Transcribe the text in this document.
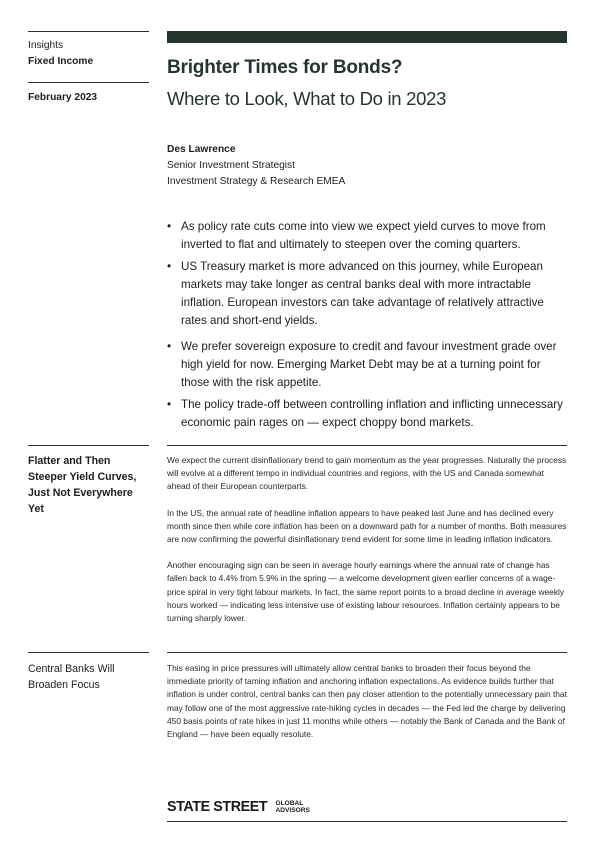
Insights
Fixed Income
February 2023
Brighter Times for Bonds?
Where to Look, What to Do in 2023
Des Lawrence
Senior Investment Strategist
Investment Strategy & Research EMEA
• As policy rate cuts come into view we expect yield curves to move from inverted to flat and ultimately to steepen over the coming quarters.
• US Treasury market is more advanced on this journey, while European markets may take longer as central banks deal with more intractable inflation. European investors can take advantage of relatively attractive rates and short-end yields.
• We prefer sovereign exposure to credit and favour investment grade over high yield for now. Emerging Market Debt may be at a turning point for those with the risk appetite.
• The policy trade-off between controlling inflation and inflicting unnecessary economic pain rages on — expect choppy bond markets.
Flatter and Then Steeper Yield Curves, Just Not Everywhere Yet

We expect the current disinflationary trend to gain momentum as the year progresses. Naturally the process will evolve at a different tempo in individual countries and regions, with the US and Canada somewhat ahead of their European counterparts.

In the US, the annual rate of headline inflation appears to have peaked last June and has declined every month since then while core inflation has been on a downward path for a number of months. Both measures are now confirming the powerful disinflationary trend evident for some time in leading inflation indicators.

Another encouraging sign can be seen in average hourly earnings where the annual rate of change has fallen back to 4.4% from 5.9% in the spring — a welcome development given earlier concerns of a wage-price spiral in very tight labour markets. In fact, the same report points to a broad decline in average weekly hours worked — indicating less intensive use of existing labour resources. Inflation certainly appears to be turning sharply lower.

Central Banks Will Broaden Focus

This easing in price pressures will ultimately allow central banks to broaden their focus beyond the immediate priority of taming inflation and anchoring inflation expectations. As evidence builds further that inflation is under control, central banks can then pay closer attention to the potentially unnecessary pain that may follow one of the most aggressive rate-hiking cycles in decades — the Fed led the charge by delivering 450 basis points of rate hikes in just 11 months while others — notably the Bank of Canada and the Bank of England — have been equally resolute.

STATE STREET GLOBAL
ADVISORS
